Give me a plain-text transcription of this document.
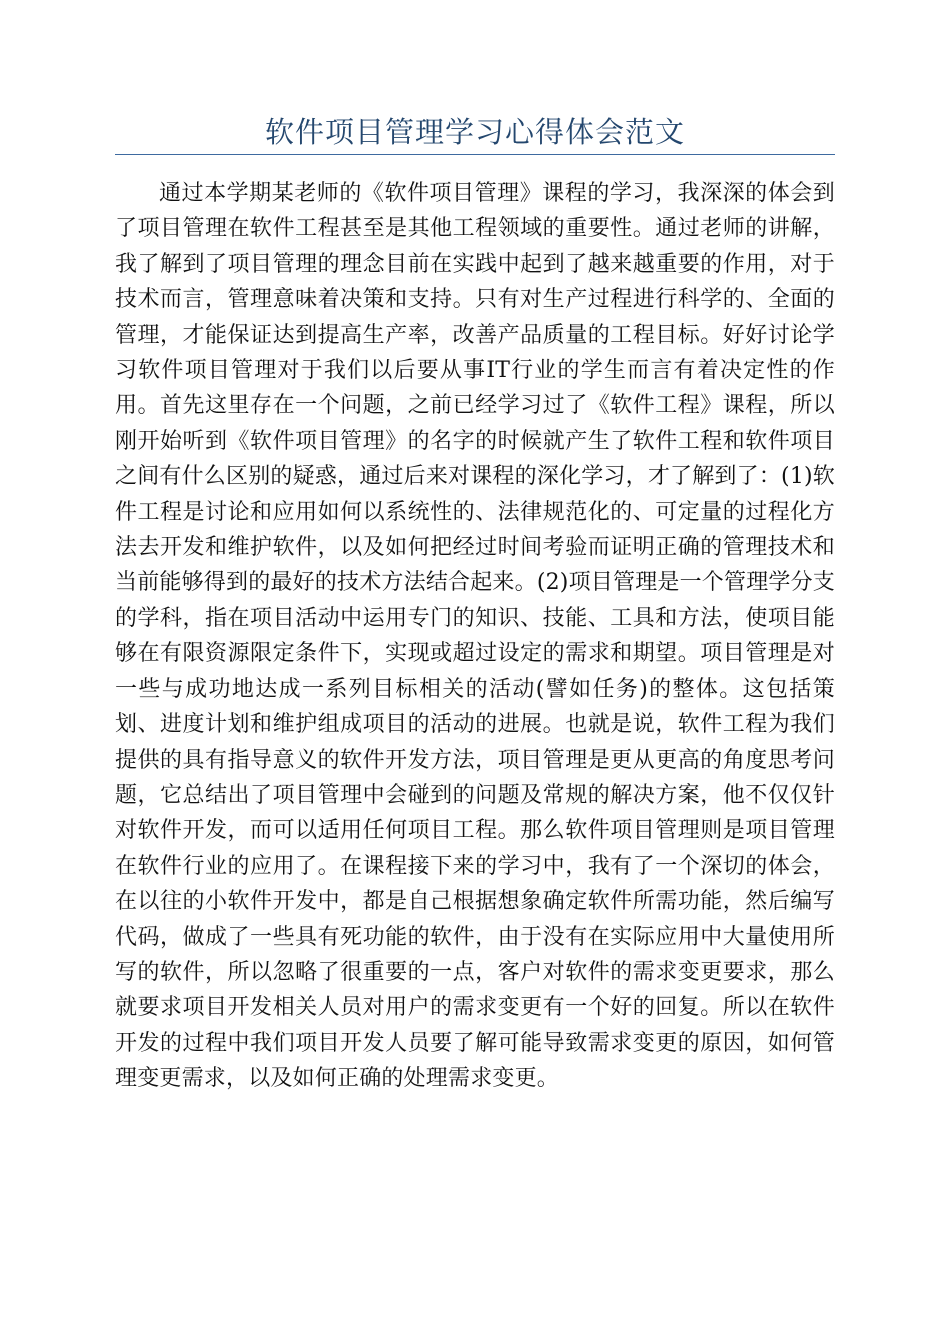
软件项目管理学习心得体会范文

通过本学期某老师的《软件项目管理》课程的学习，我深深的体会到了项目管理在软件工程甚至是其他工程领域的重要性。通过老师的讲解，我了解到了项目管理的理念目前在实践中起到了越来越重要的作用，对于技术而言，管理意味着决策和支持。只有对生产过程进行科学的、全面的管理，才能保证达到提高生产率，改善产品质量的工程目标。好好讨论学习软件项目管理对于我们以后要从事IT行业的学生而言有着决定性的作用。首先这里存在一个问题，之前已经学习过了《软件工程》课程，所以刚开始听到《软件项目管理》的名字的时候就产生了软件工程和软件项目之间有什么区别的疑惑，通过后来对课程的深化学习，才了解到了：(1)软件工程是讨论和应用如何以系统性的、法律规范化的、可定量的过程化方法去开发和维护软件，以及如何把经过时间考验而证明正确的管理技术和当前能够得到的最好的技术方法结合起来。(2)项目管理是一个管理学分支的学科，指在项目活动中运用专门的知识、技能、工具和方法，使项目能够在有限资源限定条件下，实现或超过设定的需求和期望。项目管理是对一些与成功地达成一系列目标相关的活动(譬如任务)的整体。这包括策划、进度计划和维护组成项目的活动的进展。也就是说，软件工程为我们提供的具有指导意义的软件开发方法，项目管理是更从更高的角度思考问题，它总结出了项目管理中会碰到的问题及常规的解决方案，他不仅仅针对软件开发，而可以适用任何项目工程。那么软件项目管理则是项目管理在软件行业的应用了。在课程接下来的学习中，我有了一个深切的体会，在以往的小软件开发中，都是自己根据想象确定软件所需功能，然后编写代码，做成了一些具有死功能的软件，由于没有在实际应用中大量使用所写的软件，所以忽略了很重要的一点，客户对软件的需求变更要求，那么就要求项目开发相关人员对用户的需求变更有一个好的回复。所以在软件开发的过程中我们项目开发人员要了解可能导致需求变更的原因，如何管理变更需求，以及如何正确的处理需求变更。
